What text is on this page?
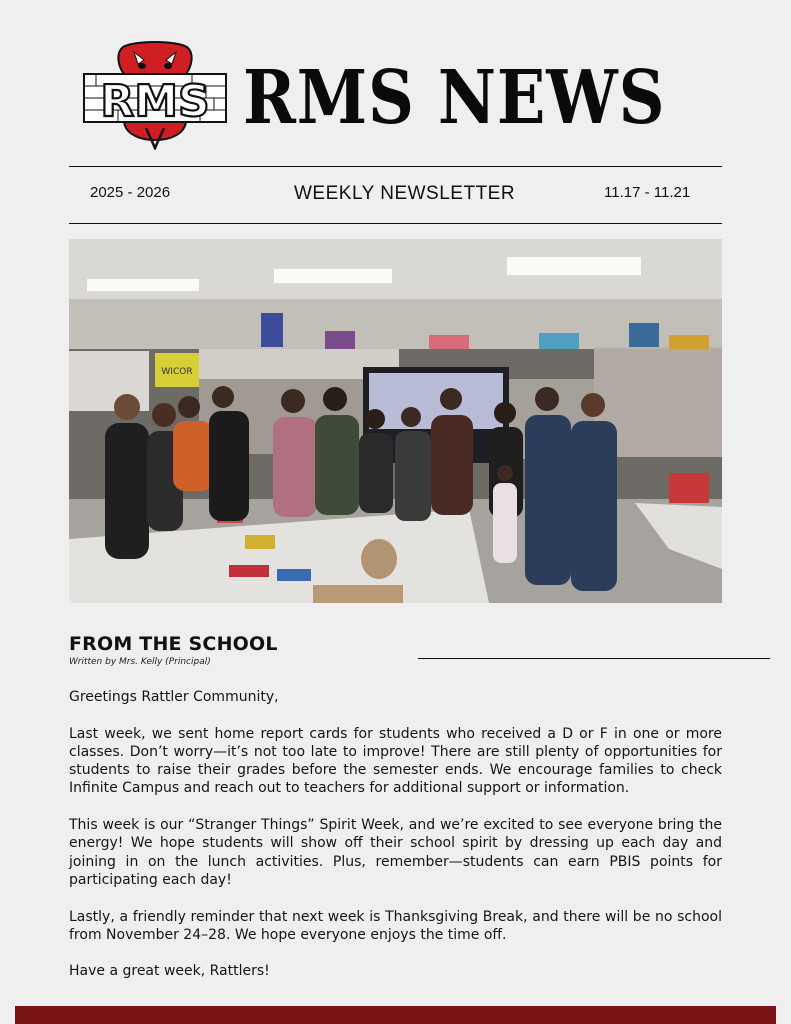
RMS RMS NEWS
2025 - 2026	WEEKLY NEWSLETTER	11.17 - 11.21
WICOR
FROM THE SCHOOL
Written by Mrs. Kelly (Principal)

Greetings Rattler Community,

Last week, we sent home report cards for students who received a D or F in one or more classes. Don’t worry—it’s not too late to improve! There are still plenty of opportunities for students to raise their grades before the semester ends. We encourage families to check Infinite Campus and reach out to teachers for additional support or information.

This week is our “Stranger Things” Spirit Week, and we’re excited to see everyone bring the energy! We hope students will show off their school spirit by dressing up each day and joining in on the lunch activities. Plus, remember—students can earn PBIS points for participating each day!

Lastly, a friendly reminder that next week is Thanksgiving Break, and there will be no school from November 24–28. We hope everyone enjoys the time off.

Have a great week, Rattlers!
